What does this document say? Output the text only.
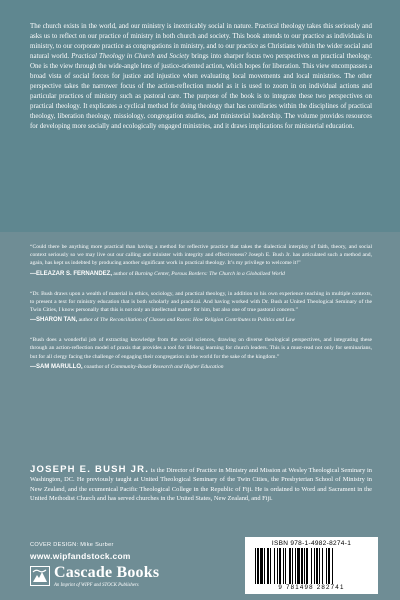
The church exists in the world, and our ministry is inextricably social in nature. Practical theology takes this seriously and asks us to reflect on our practice of ministry in both church and society. This book attends to our practice as individuals in ministry, to our corporate practice as congregations in ministry, and to our practice as Christians within the wider social and natural world. Practical Theology in Church and Society brings into sharper focus two perspectives on practical theology. One is the view through the wide-angle lens of justice-oriented action, which hopes for liberation. This view encompasses a broad vista of social forces for justice and injustice when evaluating local movements and local ministries. The other perspective takes the narrower focus of the action-reflection model as it is used to zoom in on individual actions and particular practices of ministry such as pastoral care. The purpose of the book is to integrate these two perspectives on practical theology. It explicates a cyclical method for doing theology that has corollaries within the disciplines of practical theology, liberation theology, missiology, congregation studies, and ministerial leadership. The volume provides resources for developing more socially and ecologically engaged ministries, and it draws implications for ministerial education.

“Could there be anything more practical than having a method for reflective practice that takes the dialectical interplay of faith, theory, and social context seriously so we may live out our calling and minister with integrity and effectiveness? Joseph E. Bush Jr. has articulated such a method and, again, has kept us indebted by producing another significant work in practical theology. It’s my privilege to welcome it!”

—ELEAZAR S. FERNANDEZ, author of Burning Center, Porous Borders: The Church in a Globalized World

“Dr. Bush draws upon a wealth of material in ethics, sociology, and practical theology, in addition to his own experience teaching in multiple contexts, to present a text for ministry education that is both scholarly and practical. And having worked with Dr. Bush at United Theological Seminary of the Twin Cities, I know personally that this is not only an intellectual matter for him, but also one of true pastoral concern.”

—SHARON TAN, author of The Reconciliation of Classes and Races: How Religion Contributes to Politics and Law

“Bush does a wonderful job of extracting knowledge from the social sciences, drawing on diverse theological perspectives, and integrating these through an action-reflection model of praxis that provides a tool for lifelong learning for church leaders. This is a must-read not only for seminarians, but for all clergy facing the challenge of engaging their congregation in the world for the sake of the kingdom.”

—SAM MARULLO, coauthor of Community-Based Research and Higher Education

JOSEPH E. BUSH JR. is the Director of Practice in Ministry and Mission at Wesley Theological Seminary in Washington, DC. He previously taught at United Theological Seminary of the Twin Cities, the Presbyterian School of Ministry in New Zealand, and the ecumenical Pacific Theological College in the Republic of Fiji. He is ordained to Word and Sacrament in the United Methodist Church and has served churches in the United States, New Zealand, and Fiji.

COVER DESIGN: Mike Surber
www.wipfandstock.com
Cascade Books
An Imprint of WIPF and STOCK Publishers
ISBN 978-1-4982-8274-1
9 781498 282741
